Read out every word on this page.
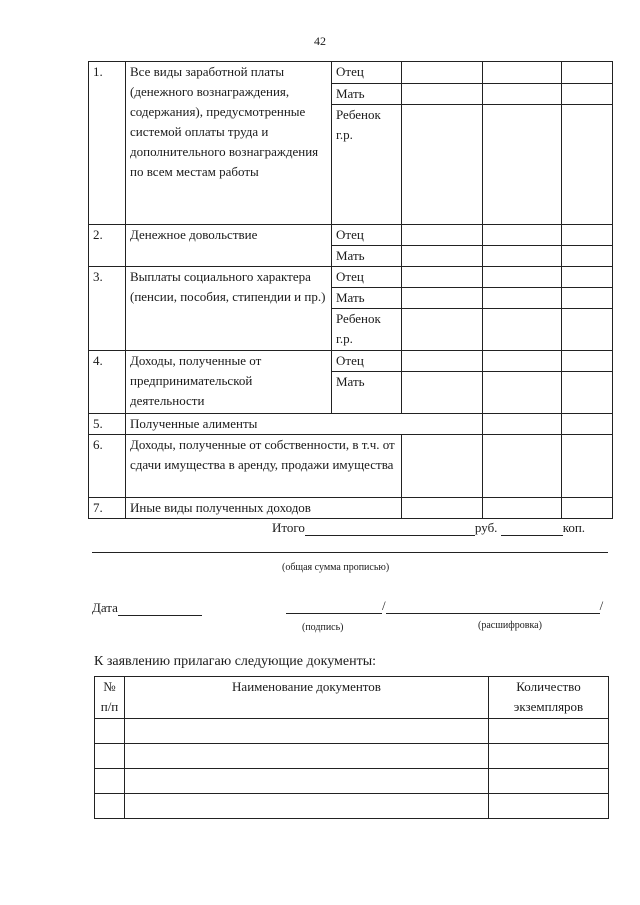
42
1.	Все виды заработной платы (денежного вознаграждения, содержания), предусмотренные системой оплаты труда и дополнительного вознаграждения по всем местам работы	Отец			
		Мать			
		Ребенок г.р.			
2.	Денежное довольствие	Отец			
		Мать			
3.	Выплаты социального характера (пенсии, пособия, стипендии и пр.)	Отец			
		Мать			
		Ребенок г.р.			
4.	Доходы, полученные от предпринимательской деятельности	Отец			
		Мать			
5.	Полученные алименты				
6.	Доходы, полученные от собственности, в т.ч. от сдачи имущества в аренду, продажи имущества				
7.	Иные виды полученных доходов				
Итого	руб.	коп.
(общая сумма прописью)
Дата	/	/
(подпись)	(расшифровка)
К заявлению прилагаю следующие документы:
№ п/п	Наименование документов	Количество экземпляров
